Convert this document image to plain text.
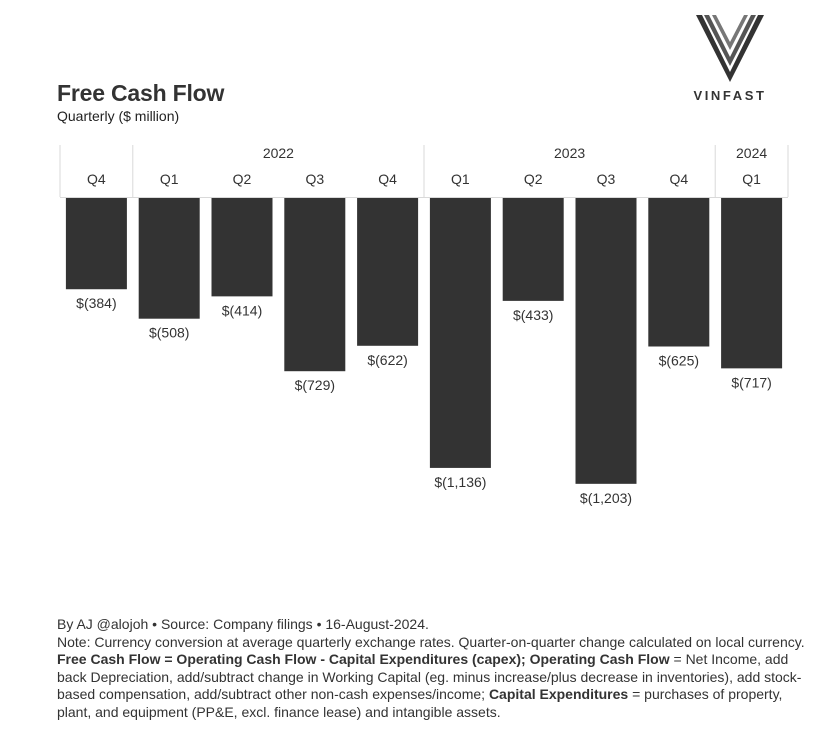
Free Cash Flow
Quarterly ($ million)
VINFAST
2022	2023	2024
Q4
$(384)
Q1
$(508)
Q2
$(414)
Q3
$(729)
Q4
$(622)
Q1
$(1,136)
Q2
$(433)
Q3
$(1,203)
Q4
$(625)
Q1
$(717)

By AJ @alojoh • Source: Company filings • 16-August-2024.

Note: Currency conversion at average quarterly exchange rates. Quarter-on-quarter change calculated on local currency. Free Cash Flow = Operating Cash Flow - Capital Expenditures (capex); Operating Cash Flow = Net Income, add back Depreciation, add/subtract change in Working Capital (eg. minus increase/plus decrease in inventories), add stock-based compensation, add/subtract other non-cash expenses/income; Capital Expenditures = purchases of property, plant, and equipment (PP&E, excl. finance lease) and intangible assets.
